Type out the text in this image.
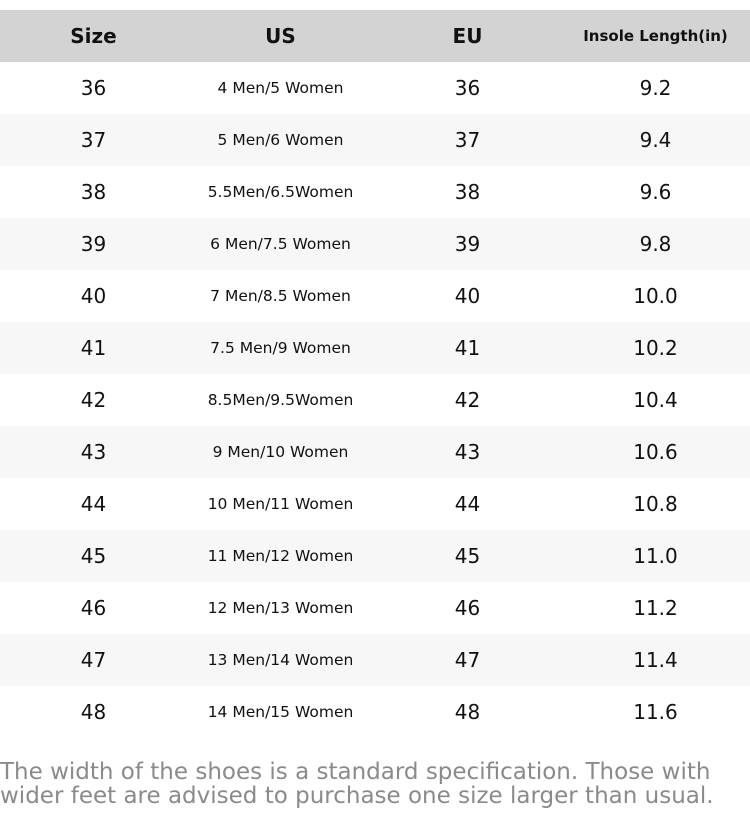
Size	US	EU	Insole Length(in)
36	4 Men/5 Women	36	9.2
37	5 Men/6 Women	37	9.4
38	5.5Men/6.5Women	38	9.6
39	6 Men/7.5 Women	39	9.8
40	7 Men/8.5 Women	40	10.0
41	7.5 Men/9 Women	41	10.2
42	8.5Men/9.5Women	42	10.4
43	9 Men/10 Women	43	10.6
44	10 Men/11 Women	44	10.8
45	11 Men/12 Women	45	11.0
46	12 Men/13 Women	46	11.2
47	13 Men/14 Women	47	11.4
48	14 Men/15 Women	48	11.6
The width of the shoes is a standard specification. Those with
wider feet are advised to purchase one size larger than usual.
